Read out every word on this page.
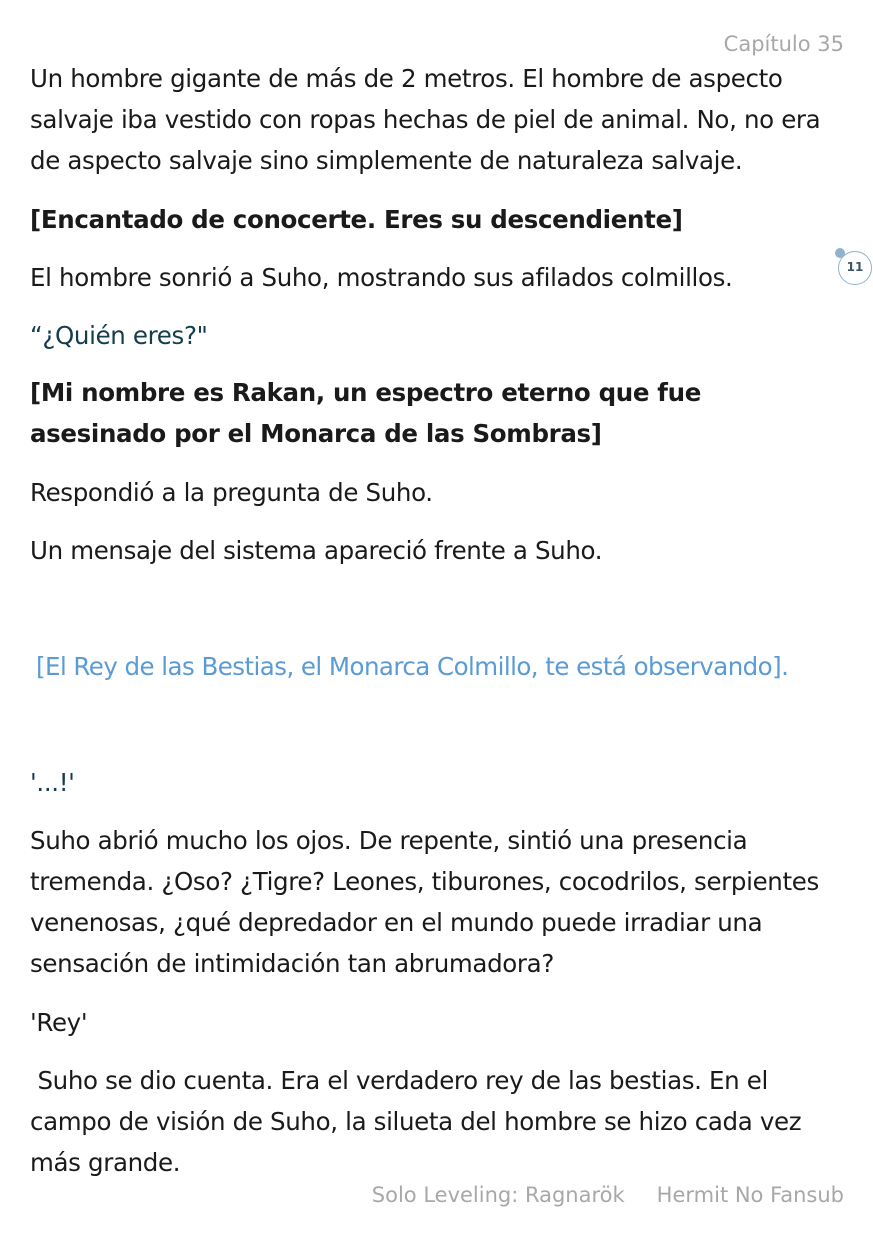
Capítulo 35

Un hombre gigante de más de 2 metros. El hombre de aspecto salvaje iba vestido con ropas hechas de piel de animal. No, no era de aspecto salvaje sino simplemente de naturaleza salvaje.

[Encantado de conocerte. Eres su descendiente]

El hombre sonrió a Suho, mostrando sus afilados colmillos.	11

“¿Quién eres?"

[Mi nombre es Rakan, un espectro eterno que fue asesinado por el Monarca de las Sombras]

Respondió a la pregunta de Suho.

Un mensaje del sistema apareció frente a Suho.

[El Rey de las Bestias, el Monarca Colmillo, te está observando].

'...!'

Suho abrió mucho los ojos. De repente, sintió una presencia tremenda. ¿Oso? ¿Tigre? Leones, tiburones, cocodrilos, serpientes venenosas, ¿qué depredador en el mundo puede irradiar una sensación de intimidación tan abrumadora?

'Rey'

Suho se dio cuenta. Era el verdadero rey de las bestias. En el campo de visión de Suho, la silueta del hombre se hizo cada vez más grande.

Solo Leveling: Ragnarök Hermit No Fansub
